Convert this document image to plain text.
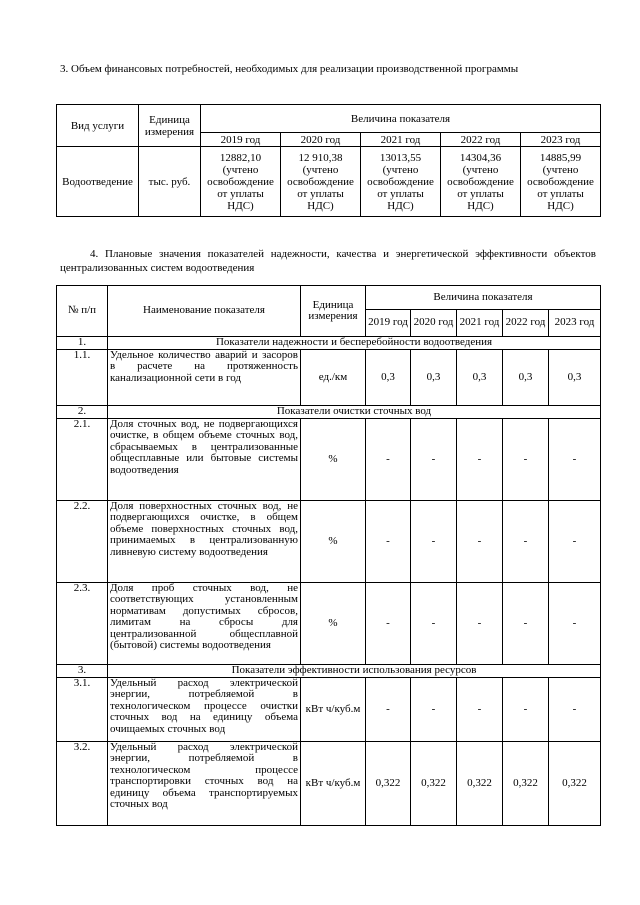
3. Объем финансовых потребностей, необходимых для реализации производственной программы
Вид услуги	Единица измерения	Величина показателя				
		2019 год	2020 год	2021 год	2022 год	2023 год
Водоотведение	тыс. руб.	12882,10 (учтено освобождение от уплаты НДС)	12 910,38 (учтено освобождение от уплаты НДС)	13013,55 (учтено освобождение от уплаты НДС)	14304,36 (учтено освобождение от уплаты НДС)	14885,99 (учтено освобождение от уплаты НДС)
4. Плановые значения показателей надежности, качества и энергетической эффективности объектов централизованных систем водоотведения
№ п/п	Наименование показателя	Единица измерения	Величина показателя				
			2019 год	2020 год	2021 год	2022 год	2023 год
1.	Показатели надежности и бесперебойности водоотведения						
1.1.	Удельное количество аварий и засоров в расчете на протяженность канализационной сети в год	ед./км	0,3	0,3	0,3	0,3	0,3
2.	Показатели очистки сточных вод						
2.1.	Доля сточных вод, не подвергающихся очистке, в общем объеме сточных вод, сбрасываемых в централизованные общесплавные или бытовые системы водоотведения	%	-	-	-	-	-
2.2.	Доля поверхностных сточных вод, не подвергающихся очистке, в общем объеме поверхностных сточных вод, принимаемых в централизованную ливневую систему водоотведения	%	-	-	-	-	-
2.3.	Доля проб сточных вод, не соответствующих установленным нормативам допустимых сбросов, лимитам на сбросы для централизованной общесплавной (бытовой) системы водоотведения	%	-	-	-	-	-
3.	Показатели эффективности использования ресурсов						
3.1.	Удельный расход электрической энергии, потребляемой в технологическом процессе очистки сточных вод на единицу объема очищаемых сточных вод	кВт ч/куб.м	-	-	-	-	-
3.2.	Удельный расход электрической энергии, потребляемой в технологическом процессе транспортировки сточных вод на единицу объема транспортируемых сточных вод	кВт ч/куб.м	0,322	0,322	0,322	0,322	0,322
